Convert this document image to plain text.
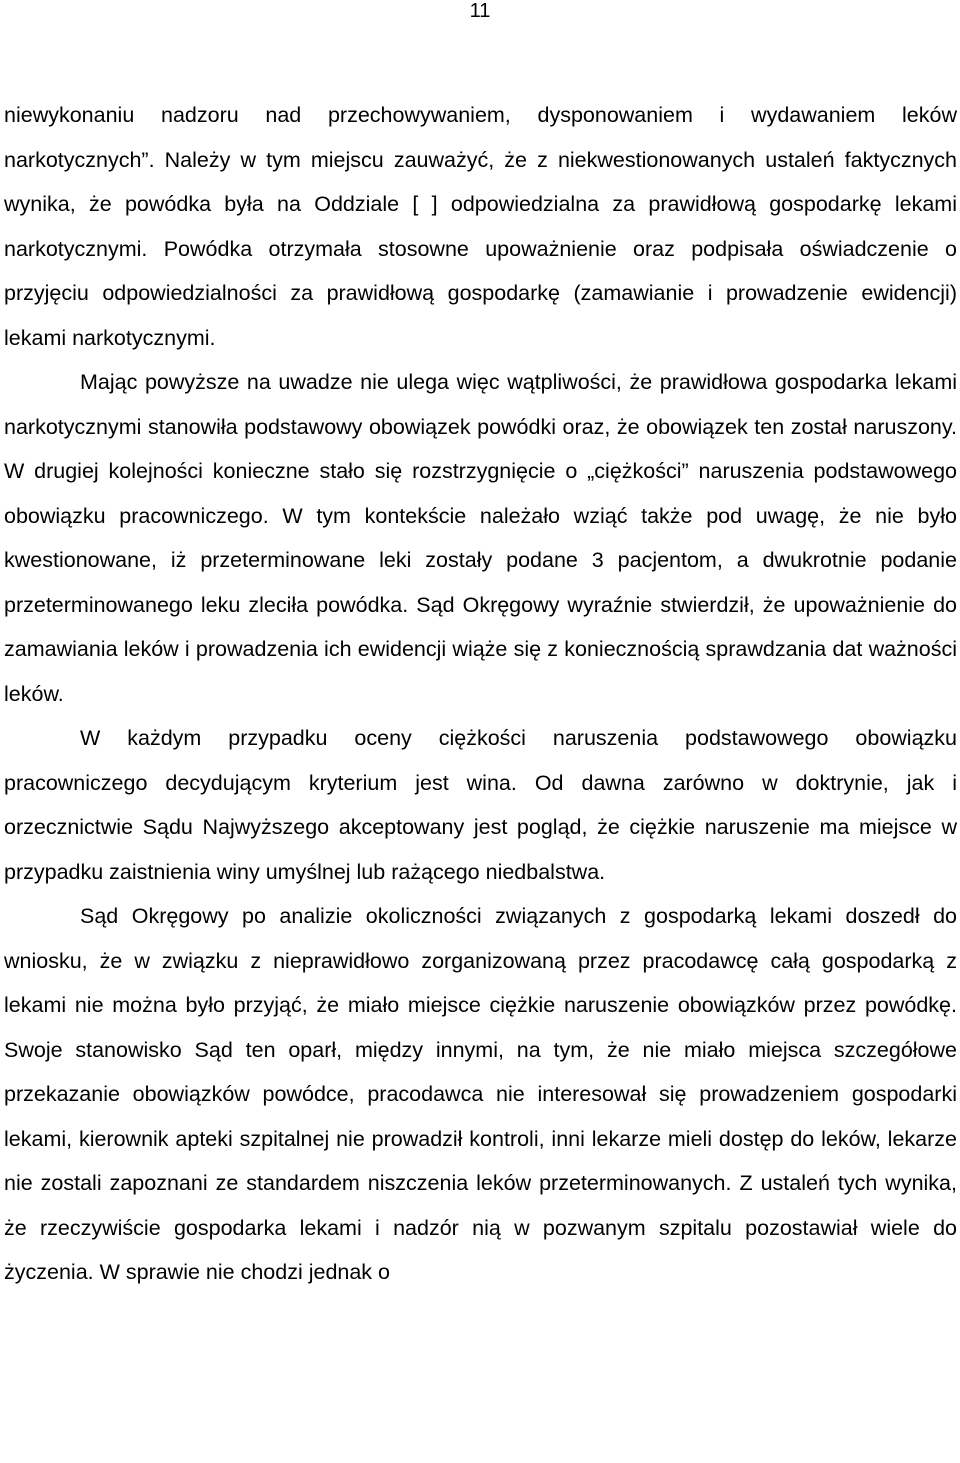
11

niewykonaniu nadzoru nad przechowywaniem, dysponowaniem i wydawaniem leków narkotycznych”. Należy w tym miejscu zauważyć, że z niekwestionowanych ustaleń faktycznych wynika, że powódka była na Oddziale [ ] odpowiedzialna za prawidłową gospodarkę lekami narkotycznymi. Powódka otrzymała stosowne upoważnienie oraz podpisała oświadczenie o przyjęciu odpowiedzialności za prawidłową gospodarkę (zamawianie i prowadzenie ewidencji) lekami narkotycznymi.

Mając powyższe na uwadze nie ulega więc wątpliwości, że prawidłowa gospodarka lekami narkotycznymi stanowiła podstawowy obowiązek powódki oraz, że obowiązek ten został naruszony. W drugiej kolejności konieczne stało się rozstrzygnięcie o „ciężkości” naruszenia podstawowego obowiązku pracowniczego. W tym kontekście należało wziąć także pod uwagę, że nie było kwestionowane, iż przeterminowane leki zostały podane 3 pacjentom, a dwukrotnie podanie przeterminowanego leku zleciła powódka. Sąd Okręgowy wyraźnie stwierdził, że upoważnienie do zamawiania leków i prowadzenia ich ewidencji wiąże się z koniecznością sprawdzania dat ważności leków.

W każdym przypadku oceny ciężkości naruszenia podstawowego obowiązku pracowniczego decydującym kryterium jest wina. Od dawna zarówno w doktrynie, jak i orzecznictwie Sądu Najwyższego akceptowany jest pogląd, że ciężkie naruszenie ma miejsce w przypadku zaistnienia winy umyślnej lub rażącego niedbalstwa.

Sąd Okręgowy po analizie okoliczności związanych z gospodarką lekami doszedł do wniosku, że w związku z nieprawidłowo zorganizowaną przez pracodawcę całą gospodarką z lekami nie można było przyjąć, że miało miejsce ciężkie naruszenie obowiązków przez powódkę. Swoje stanowisko Sąd ten oparł, między innymi, na tym, że nie miało miejsca szczegółowe przekazanie obowiązków powódce, pracodawca nie interesował się prowadzeniem gospodarki lekami, kierownik apteki szpitalnej nie prowadził kontroli, inni lekarze mieli dostęp do leków, lekarze nie zostali zapoznani ze standardem niszczenia leków przeterminowanych. Z ustaleń tych wynika, że rzeczywiście gospodarka lekami i nadzór nią w pozwanym szpitalu pozostawiał wiele do życzenia. W sprawie nie chodzi jednak o
